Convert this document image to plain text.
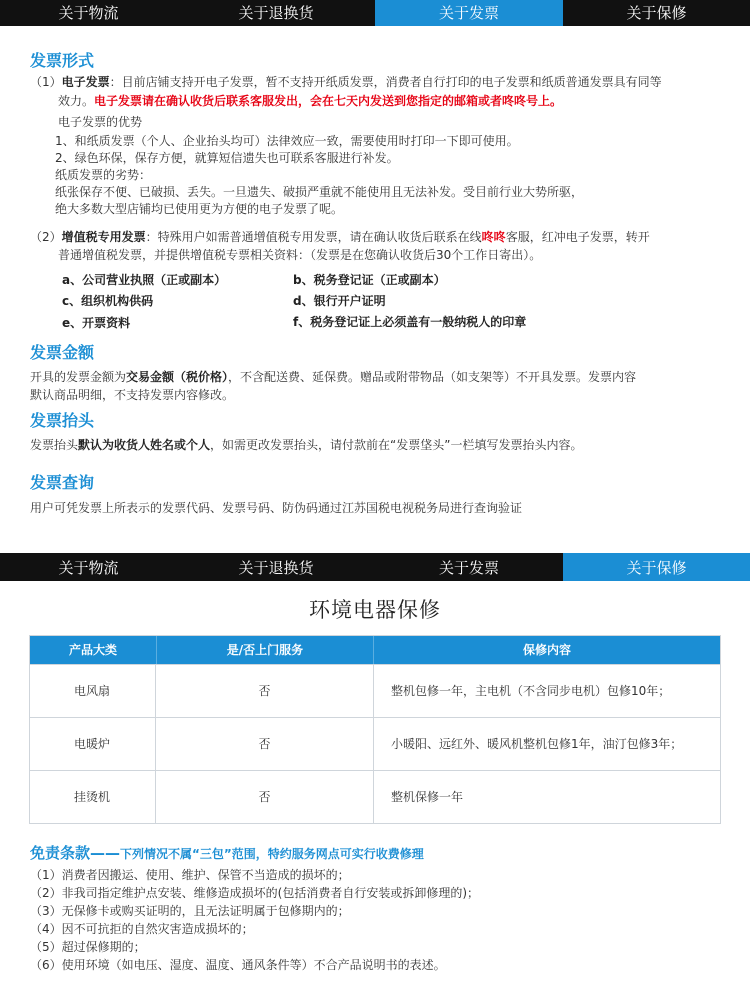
关于物流	关于退换货	关于发票	关于保修
发票形式
（1）电子发票：目前店铺支持开电子发票，暂不支持开纸质发票，消费者自行打印的电子发票和纸质普通发票具有同等
效力。电子发票请在确认收货后联系客服发出，会在七天内发送到您指定的邮箱或者咚咚号上。
电子发票的优势
1、和纸质发票（个人、企业抬头均可）法律效应一致，需要使用时打印一下即可使用。
2、绿色环保，保存方便，就算短信遗失也可联系客服进行补发。
纸质发票的劣势：
纸张保存不便、已破损、丢失。一旦遗失、破损严重就不能使用且无法补发。受目前行业大势所驱，
绝大多数大型店铺均已使用更为方便的电子发票了呢。
（2）增值税专用发票：特殊用户如需普通增值税专用发票，请在确认收货后联系在线咚咚客服，红冲电子发票，转开
普通增值税发票，并提供增值税专票相关资料：（发票是在您确认收货后30个工作日寄出）。
a、公司营业执照（正或副本）	b、税务登记证（正或副本）
c、组织机构供码	d、银行开户证明
e、开票资料	f、税务登记证上必须盖有一般纳税人的印章
发票金额
开具的发票金额为交易金额（税价格），不含配送费、延保费。赠品或附带物品（如支架等）不开具发票。发票内容
默认商品明细，不支持发票内容修改。
发票抬头
发票抬头默认为收货人姓名或个人，如需更改发票抬头，请付款前在“发票垡头”一栏填写发票抬头内容。
发票查询
用户可凭发票上所表示的发票代码、发票号码、防伪码通过江苏国税电视税务局进行查询验证
关于物流	关于退换货	关于发票	关于保修
环境电器保修
产品大类	是/否上门服务	保修内容
电风扇	否	整机包修一年，主电机（不含同步电机）包修10年；
电暖炉	否	小暖阳、远红外、暖风机整机包修1年，油汀包修3年；
挂烫机	否	整机保修一年
免责条款——下列情况不属“三包”范围，特约服务网点可实行收费修理
（1）消费者因搬运、使用、维护、保管不当造成的损坏的；
（2）非我司指定维护点安装、维修造成损坏的(包括消费者自行安装或拆卸修理的)；
（3）无保修卡或购买证明的，且无法证明属于包修期内的；
（4）因不可抗拒的自然灾害造成损坏的；
（5）超过保修期的；
（6）使用环境（如电压、湿度、温度、通风条件等）不合产品说明书的表述。
